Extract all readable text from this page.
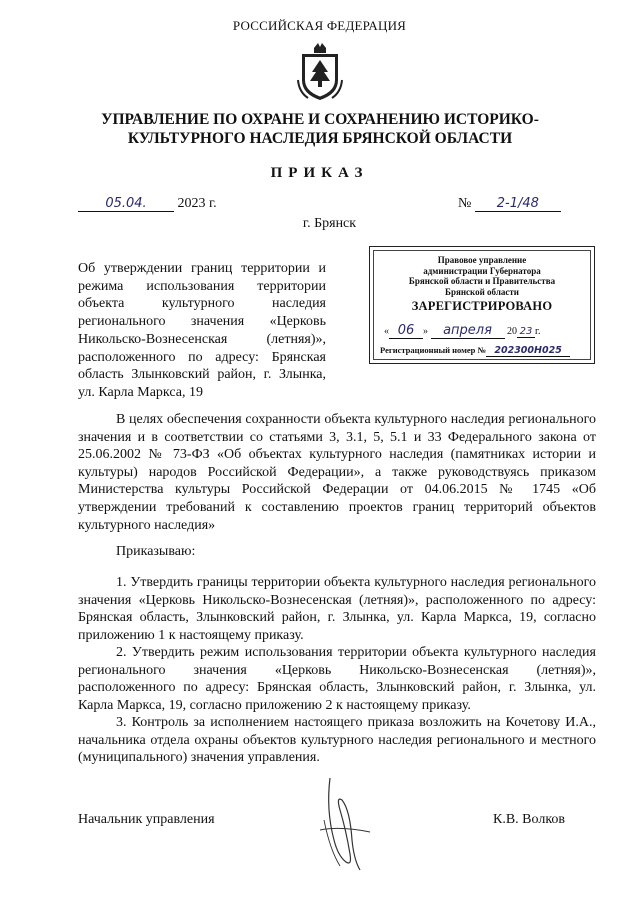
РОССИЙСКАЯ ФЕДЕРАЦИЯ
УПРАВЛЕНИЕ ПО ОХРАНЕ И СОХРАНЕНИЮ ИСТОРИКО-
КУЛЬТУРНОГО НАСЛЕДИЯ БРЯНСКОЙ ОБЛАСТИ
ПРИКАЗ
05.04. 2023 г.	№ 2-1/48
г. Брянск
Об утверждении границ территории и режима использования территории объекта культурного наследия регионального значения «Церковь Никольско-Вознесенская (летняя)», расположенного по адресу: Брянская область Злынковский район, г. Злынка, ул. Карла Маркса, 19
Правовое управление
администрации Губернатора
Брянской области и Правительства
Брянской области
ЗАРЕГИСТРИРОВАНО
« 06 » апреля 20 23 г.
Регистрационный номер № 202300Н025
В целях обеспечения сохранности объекта культурного наследия регионального значения и в соответствии со статьями 3, 3.1, 5, 5.1 и 33 Федерального закона от 25.06.2002 № 73-ФЗ «Об объектах культурного наследия (памятниках истории и культуры) народов Российской Федерации», а также руководствуясь приказом Министерства культуры Российской Федерации от 04.06.2015 № 1745 «Об утверждении требований к составлению проектов границ территорий объектов культурного наследия»
Приказываю:
1. Утвердить границы территории объекта культурного наследия регионального значения «Церковь Никольско-Вознесенская (летняя)», расположенного по адресу: Брянская область, Злынковский район, г. Злынка, ул. Карла Маркса, 19, согласно приложению 1 к настоящему приказу.
2. Утвердить режим использования территории объекта культурного наследия регионального значения «Церковь Никольско-Вознесенская (летняя)», расположенного по адресу: Брянская область, Злынковский район, г. Злынка, ул. Карла Маркса, 19, согласно приложению 2 к настоящему приказу.
3. Контроль за исполнением настоящего приказа возложить на Кочетову И.А., начальника отдела охраны объектов культурного наследия регионального и местного (муниципального) значения управления.
Начальник управления	К.В. Волков
